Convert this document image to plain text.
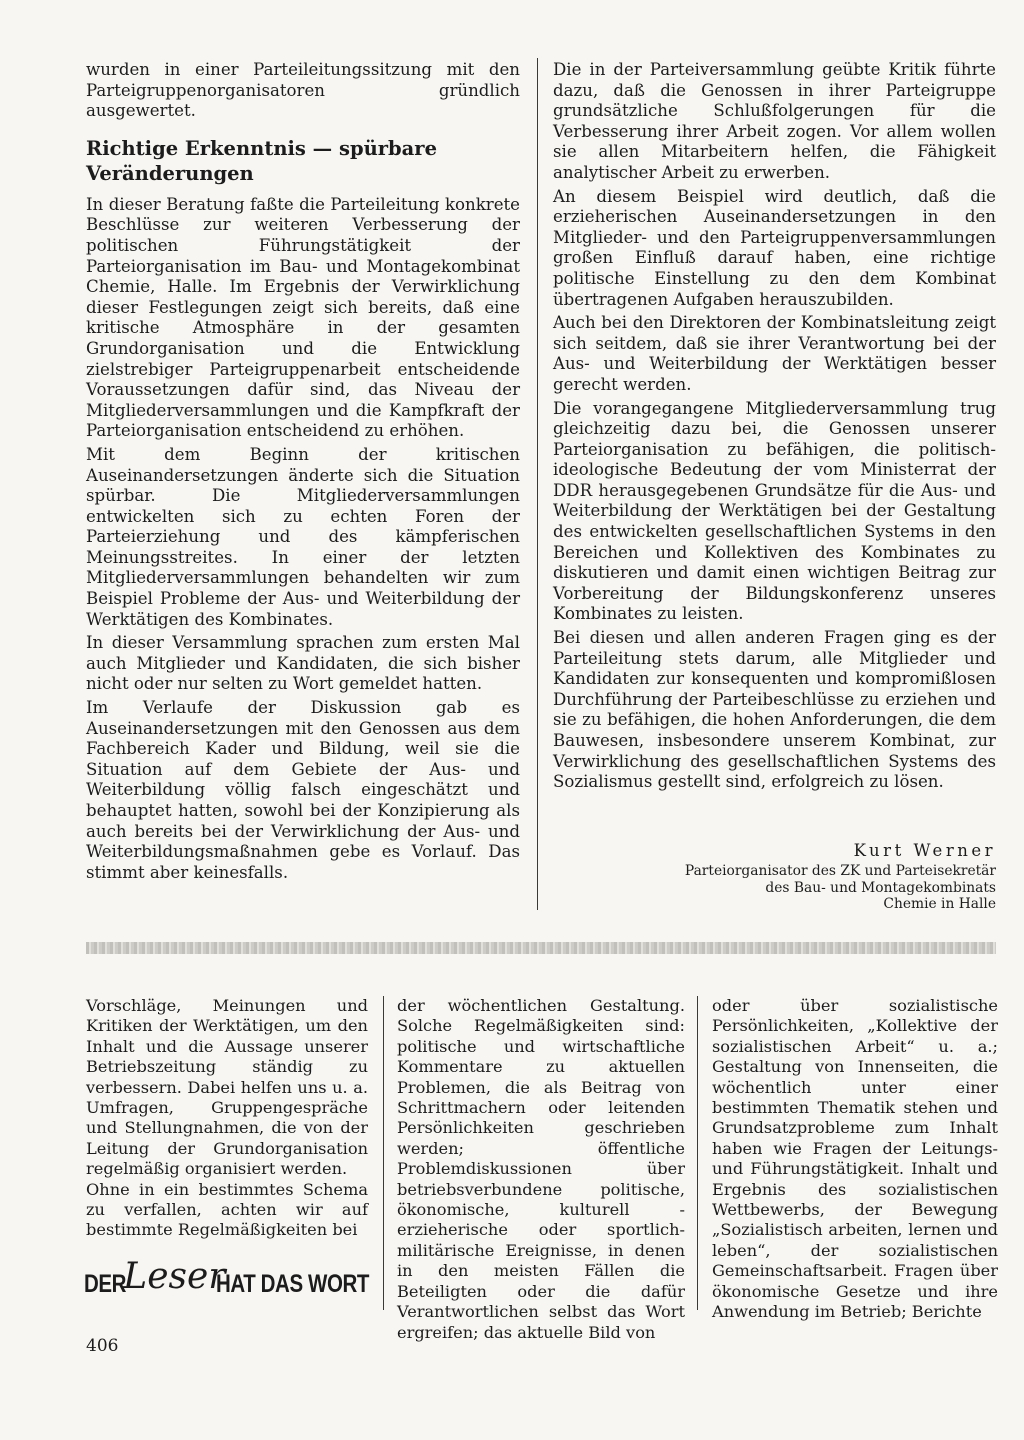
wurden in einer Parteileitungssitzung mit den Parteigruppenorganisatoren gründlich ausgewertet.

Richtige Erkenntnis — spürbare Veränderungen

In dieser Beratung faßte die Parteileitung konkrete Beschlüsse zur weiteren Verbesserung der politischen Führungstätigkeit der Parteiorganisation im Bau- und Montagekombinat Chemie, Halle. Im Ergebnis der Verwirklichung dieser Festlegungen zeigt sich bereits, daß eine kritische Atmosphäre in der gesamten Grundorganisation und die Entwicklung zielstrebiger Parteigruppenarbeit entscheidende Voraussetzungen dafür sind, das Niveau der Mitgliederversammlungen und die Kampfkraft der Parteiorganisation entscheidend zu erhöhen.

Mit dem Beginn der kritischen Auseinandersetzungen änderte sich die Situation spürbar. Die Mitgliederversammlungen entwickelten sich zu echten Foren der Parteierziehung und des kämpferischen Meinungsstreites. In einer der letzten Mitgliederversammlungen behandelten wir zum Beispiel Probleme der Aus- und Weiterbildung der Werktätigen des Kombinates.

In dieser Versammlung sprachen zum ersten Mal auch Mitglieder und Kandidaten, die sich bisher nicht oder nur selten zu Wort gemeldet hatten.

Im Verlaufe der Diskussion gab es Auseinandersetzungen mit den Genossen aus dem Fachbereich Kader und Bildung, weil sie die Situation auf dem Gebiete der Aus- und Weiterbildung völlig falsch eingeschätzt und behauptet hatten, sowohl bei der Konzipierung als auch bereits bei der Verwirklichung der Aus- und Weiterbildungsmaßnahmen gebe es Vorlauf. Das stimmt aber keinesfalls.

Die in der Parteiversammlung geübte Kritik führte dazu, daß die Genossen in ihrer Parteigruppe grundsätzliche Schlußfolgerungen für die Verbesserung ihrer Arbeit zogen. Vor allem wollen sie allen Mitarbeitern helfen, die Fähigkeit analytischer Arbeit zu erwerben.

An diesem Beispiel wird deutlich, daß die erzieherischen Auseinandersetzungen in den Mitglieder- und den Parteigruppenversammlungen großen Einfluß darauf haben, eine richtige politische Einstellung zu den dem Kombinat übertragenen Aufgaben herauszubilden.

Auch bei den Direktoren der Kombinatsleitung zeigt sich seitdem, daß sie ihrer Verantwortung bei der Aus- und Weiterbildung der Werktätigen besser gerecht werden.

Die vorangegangene Mitgliederversammlung trug gleichzeitig dazu bei, die Genossen unserer Parteiorganisation zu befähigen, die politisch-ideologische Bedeutung der vom Ministerrat der DDR herausgegebenen Grundsätze für die Aus- und Weiterbildung der Werktätigen bei der Gestaltung des entwickelten gesellschaftlichen Systems in den Bereichen und Kollektiven des Kombinates zu diskutieren und damit einen wichtigen Beitrag zur Vorbereitung der Bildungskonferenz unseres Kombinates zu leisten.

Bei diesen und allen anderen Fragen ging es der Parteileitung stets darum, alle Mitglieder und Kandidaten zur konsequenten und kompromißlosen Durchführung der Parteibeschlüsse zu erziehen und sie zu befähigen, die hohen Anforderungen, die dem Bauwesen, insbesondere unserem Kombinat, zur Verwirklichung des gesellschaftlichen Systems des Sozialismus gestellt sind, erfolgreich zu lösen.

Kurt Werner
Parteiorganisator des ZK und Parteisekretär
des Bau- und Montagekombinats
Chemie in Halle

Vorschläge, Meinungen und Kritiken der Werktätigen, um den Inhalt und die Aussage unserer Betriebszeitung ständig zu verbessern. Dabei helfen uns u. a. Umfragen, Gruppengespräche und Stellungnahmen, die von der Leitung der Grundorganisation regelmäßig organisiert werden.

Ohne in ein bestimmtes Schema zu verfallen, achten wir auf bestimmte Regelmäßigkeiten bei

der wöchentlichen Gestaltung. Solche Regelmäßigkeiten sind: politische und wirtschaftliche Kommentare zu aktuellen Problemen, die als Beitrag von Schrittmachern oder leitenden Persönlichkeiten geschrieben werden; öffentliche Problemdiskussionen über betriebsverbundene politische, ökonomische, kulturell - erzieherische oder sportlich-militärische Ereignisse, in denen in den meisten Fällen die Beteiligten oder die dafür Verantwortlichen selbst das Wort ergreifen; das aktuelle Bild von

oder über sozialistische Persönlichkeiten, „Kollektive der sozialistischen Arbeit“ u. a.; Gestaltung von Innenseiten, die wöchentlich unter einer bestimmten Thematik stehen und Grundsatzprobleme zum Inhalt haben wie Fragen der Leitungs- und Führungstätigkeit. Inhalt und Ergebnis des sozialistischen Wettbewerbs, der Bewegung „Sozialistisch arbeiten, lernen und leben“, der sozialistischen Gemeinschaftsarbeit. Fragen über ökonomische Gesetze und ihre Anwendung im Betrieb; Berichte

DER
Leser
HAT DAS WORT
406
